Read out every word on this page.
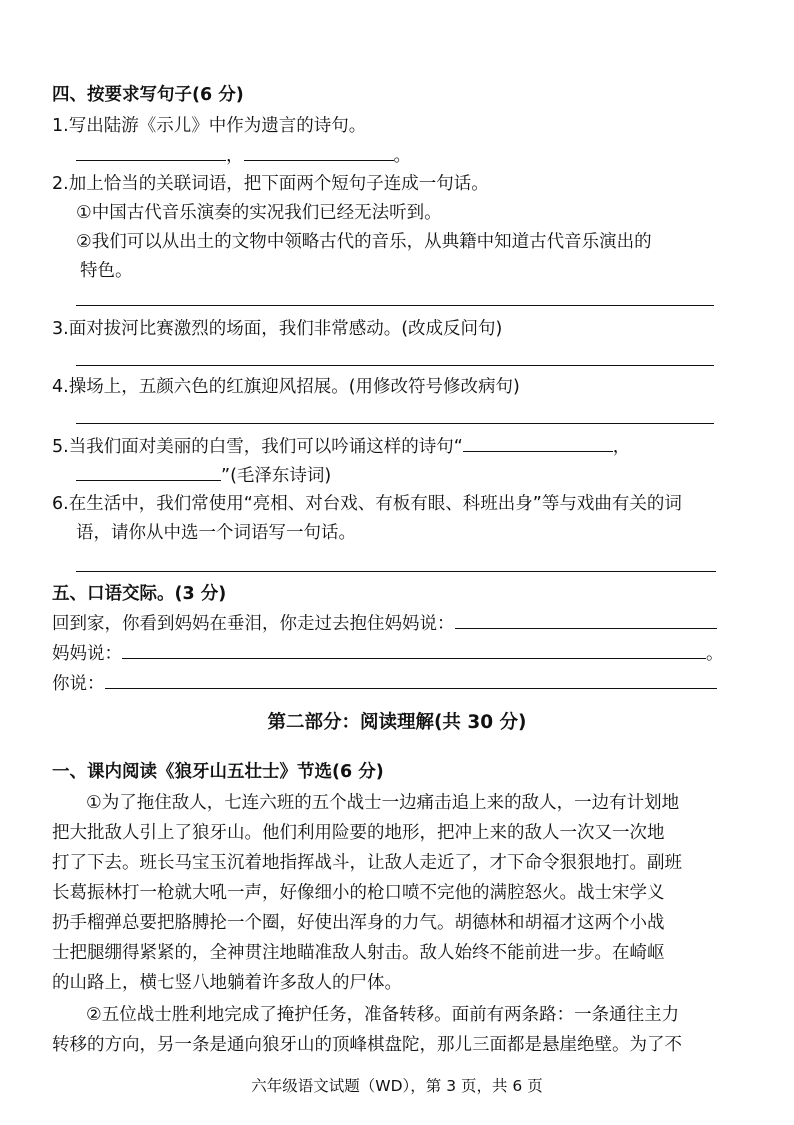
四、按要求写句子(6 分)
1.写出陆游《示儿》中作为遗言的诗句。
，	。
2.加上恰当的关联词语，把下面两个短句子连成一句话。
①中国古代音乐演奏的实况我们已经无法听到。
②我们可以从出土的文物中领略古代的音乐，从典籍中知道古代音乐演出的
特色。
3.面对拔河比赛激烈的场面，我们非常感动。(改成反问句)
4.操场上，五颜六色的红旗迎风招展。(用修改符号修改病句)
5.当我们面对美丽的白雪，我们可以吟诵这样的诗句“	，
”(毛泽东诗词)
6.在生活中，我们常使用“亮相、对台戏、有板有眼、科班出身”等与戏曲有关的词
语，请你从中选一个词语写一句话。
五、口语交际。(3 分)
回到家，你看到妈妈在垂泪，你走过去抱住妈妈说：
妈妈说：	。
你说：
第二部分：阅读理解(共 30 分)
一、课内阅读《狼牙山五壮士》节选(6 分)
①为了拖住敌人，七连六班的五个战士一边痛击追上来的敌人，一边有计划地
把大批敌人引上了狼牙山。他们利用险要的地形，把冲上来的敌人一次又一次地
打了下去。班长马宝玉沉着地指挥战斗，让敌人走近了，才下命令狠狠地打。副班
长葛振林打一枪就大吼一声，好像细小的枪口喷不完他的满腔怒火。战士宋学义
扔手榴弹总要把胳膊抡一个圈，好使出浑身的力气。胡德林和胡福才这两个小战
士把腿绷得紧紧的，全神贯注地瞄准敌人射击。敌人始终不能前进一步。在崎岖
的山路上，横七竖八地躺着许多敌人的尸体。
②五位战士胜利地完成了掩护任务，准备转移。面前有两条路：一条通往主力
转移的方向，另一条是通向狼牙山的顶峰棋盘陀，那儿三面都是悬崖绝壁。为了不
六年级语文试题（WD），第 3 页，共 6 页
